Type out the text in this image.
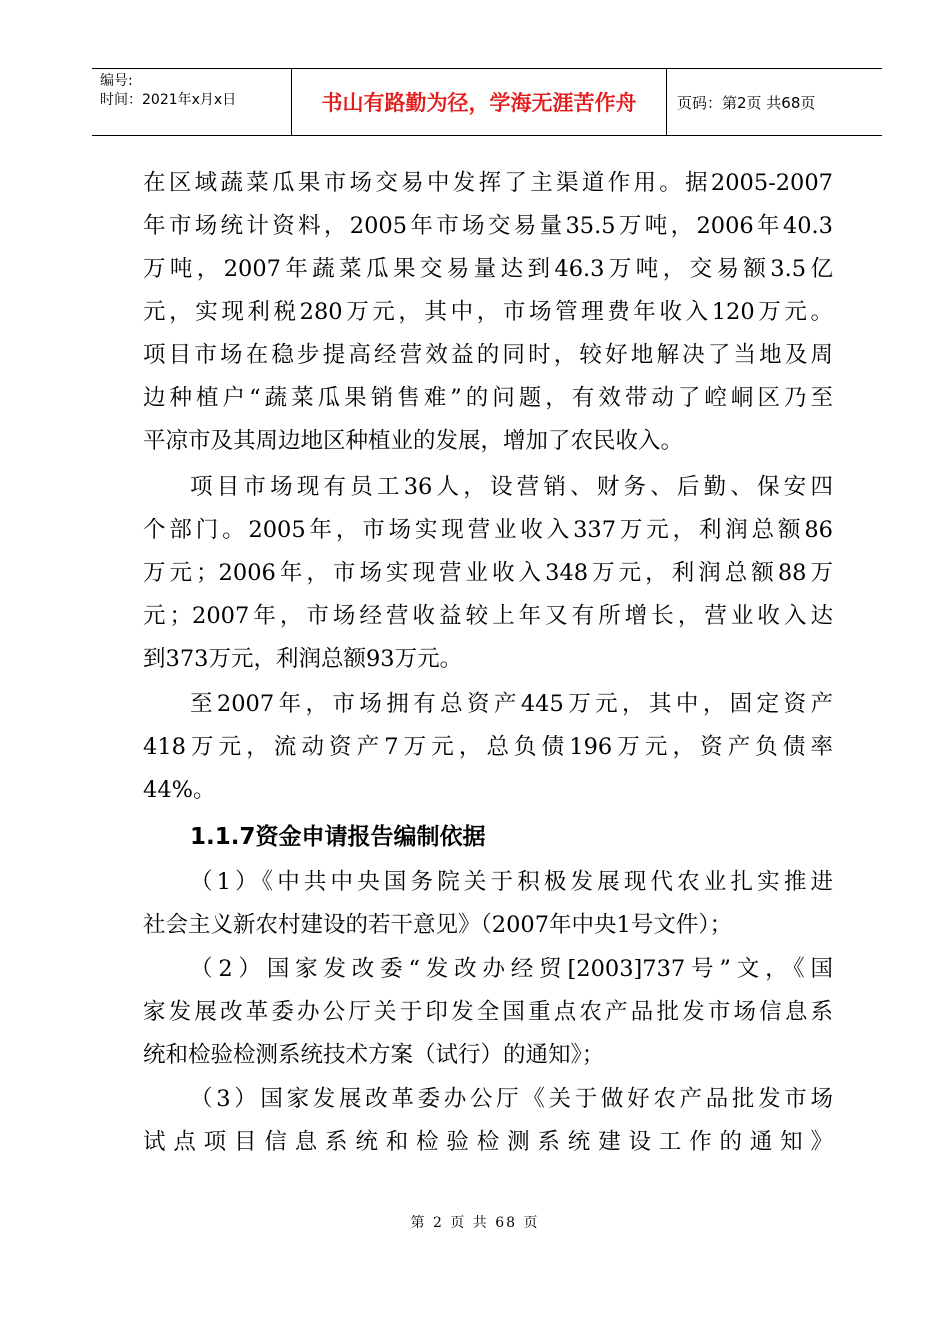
编号:
时间：2021年x月x日	书山有路勤为径，学海无涯苦作舟	页码：第2页 共68页
在区域蔬菜瓜果市场交易中发挥了主渠道作用。据2005-2007
年市场统计资料，2005年市场交易量35.5万吨，2006年40.3
万吨，2007年蔬菜瓜果交易量达到46.3万吨，交易额3.5亿
元，实现利税280万元，其中，市场管理费年收入120万元。
项目市场在稳步提高经营效益的同时，较好地解决了当地及周
边种植户“蔬菜瓜果销售难”的问题，有效带动了崆峒区乃至
平凉市及其周边地区种植业的发展，增加了农民收入。
项目市场现有员工36人，设营销、财务、后勤、保安四
个部门。2005年，市场实现营业收入337万元，利润总额86
万元；2006年，市场实现营业收入348万元，利润总额88万
元；2007年，市场经营收益较上年又有所增长，营业收入达
到373万元，利润总额93万元。
至2007年，市场拥有总资产445万元，其中，固定资产
418万元，流动资产7万元，总负债196万元，资产负债率
44%。
1.1.7资金申请报告编制依据
（1）《中共中央国务院关于积极发展现代农业扎实推进
社会主义新农村建设的若干意见》（2007年中央1号文件）；
（2）国家发改委“发改办经贸[2003]737号”文，《国
家发展改革委办公厅关于印发全国重点农产品批发市场信息系
统和检验检测系统技术方案（试行）的通知》；
（3）国家发展改革委办公厅《关于做好农产品批发市场
试点项目信息系统和检验检测系统建设工作的通知》
第 2 页 共 68 页
